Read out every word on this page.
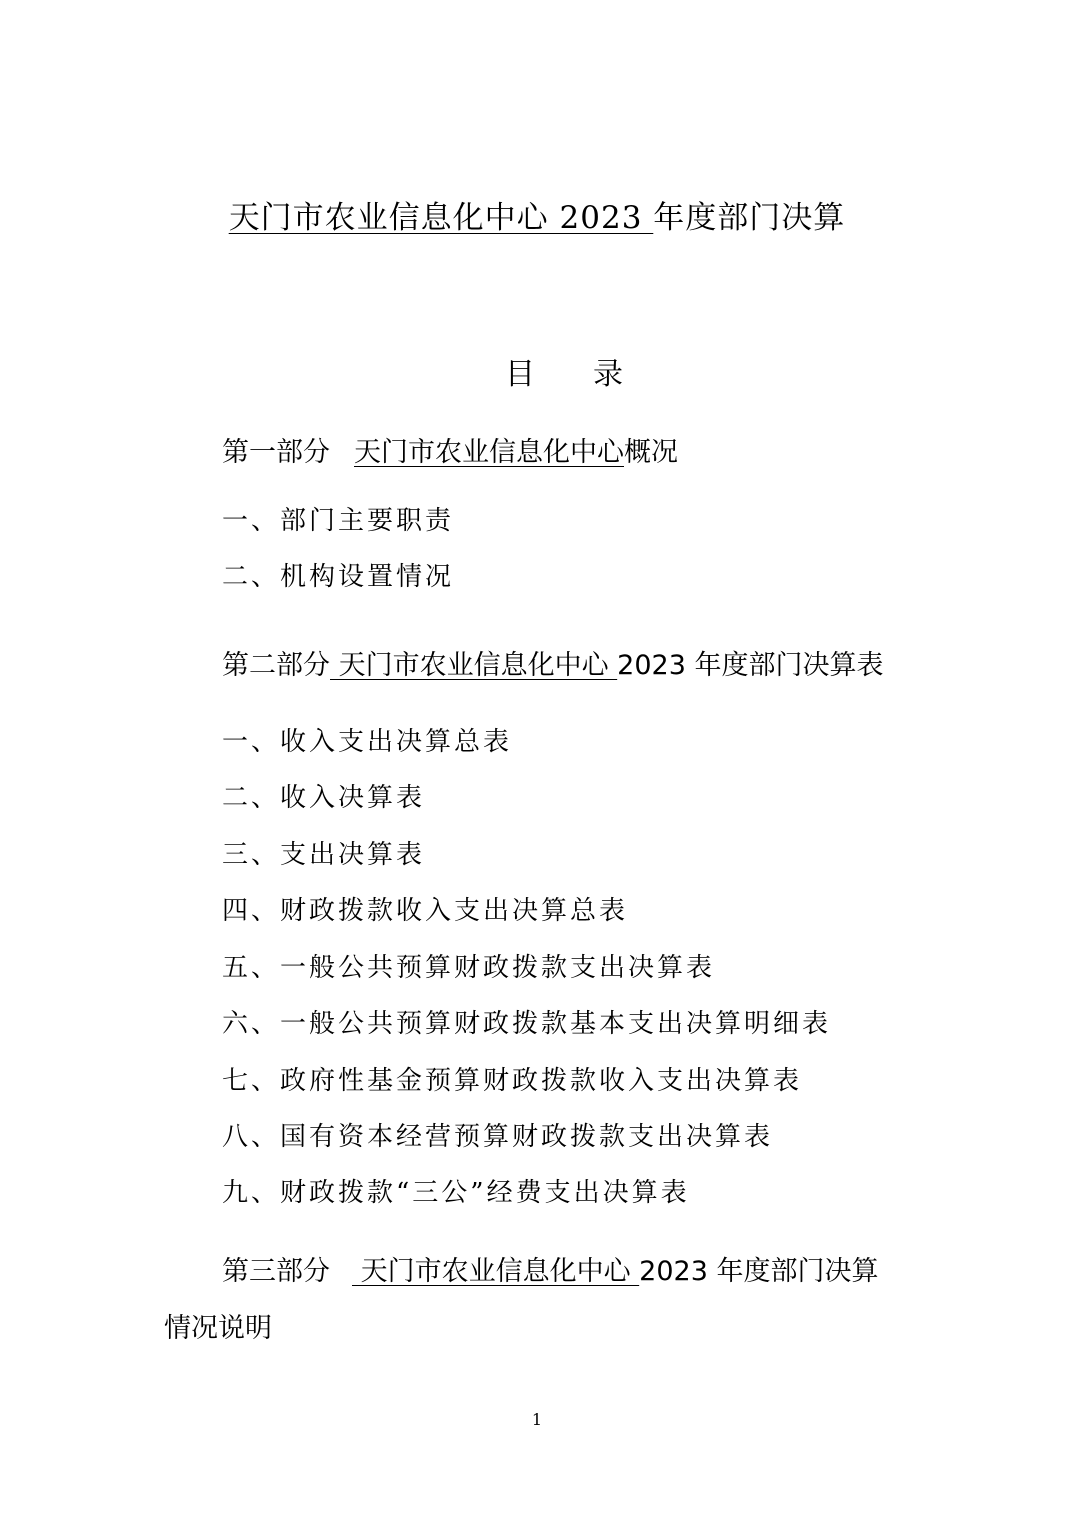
天门市农业信息化中心 2023 年度部门决算
目 录
第一部分 天门市农业信息化中心概况
一、部门主要职责
二、机构设置情况
第二部分 天门市农业信息化中心 2023 年度部门决算表
一、收入支出决算总表
二、收入决算表
三、支出决算表
四、财政拨款收入支出决算总表
五、一般公共预算财政拨款支出决算表
六、一般公共预算财政拨款基本支出决算明细表
七、政府性基金预算财政拨款收入支出决算表
八、国有资本经营预算财政拨款支出决算表
九、财政拨款“三公”经费支出决算表
第三部分 天门市农业信息化中心 2023 年度部门决算
情况说明
1
